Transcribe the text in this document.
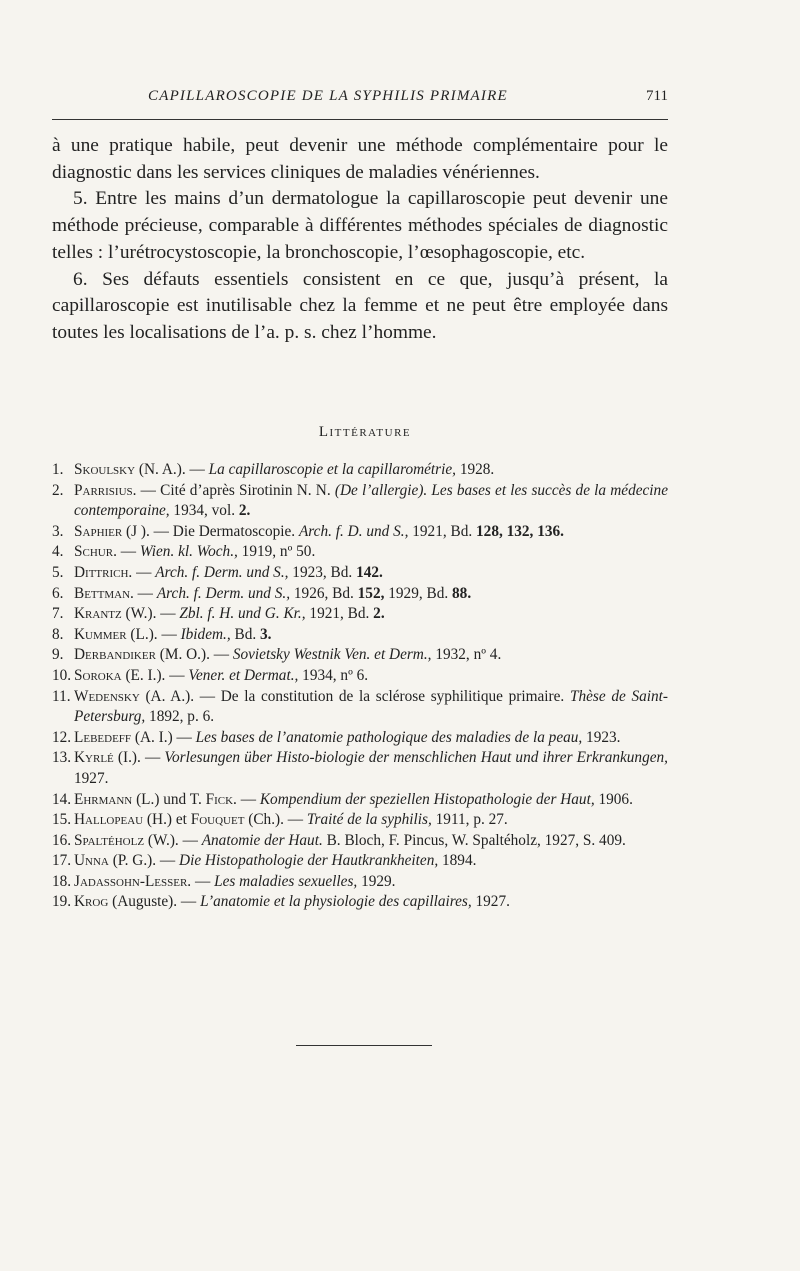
CAPILLAROSCOPIE DE LA SYPHILIS PRIMAIRE	711

à une pratique habile, peut devenir une méthode complémentaire pour le diagnostic dans les services cliniques de maladies vénériennes.

5. Entre les mains d’un dermatologue la capillaroscopie peut devenir une méthode précieuse, comparable à différentes méthodes spéciales de diagnostic telles : l’urétrocystoscopie, la bronchoscopie, l’œsophagoscopie, etc.

6. Ses défauts essentiels consistent en ce que, jusqu’à présent, la capillaroscopie est inutilisable chez la femme et ne peut être employée dans toutes les localisations de l’a. p. s. chez l’homme.

Littérature
1. Skoulsky (N. A.). — La capillaroscopie et la capillarométrie, 1928.
2. Parrisius. — Cité d’après Sirotinin N. N. (De l’allergie). Les bases et les succès de la médecine contemporaine, 1934, vol. 2.
3. Saphier (J ). — Die Dermatoscopie. Arch. f. D. und S., 1921, Bd. 128, 132, 136.
4. Schur. — Wien. kl. Woch., 1919, nº 50.
5. Dittrich. — Arch. f. Derm. und S., 1923, Bd. 142.
6. Bettman. — Arch. f. Derm. und S., 1926, Bd. 152, 1929, Bd. 88.
7. Krantz (W.). — Zbl. f. H. und G. Kr., 1921, Bd. 2.
8. Kummer (L.). — Ibidem., Bd. 3.
9. Derbandiker (M. O.). — Sovietsky Westnik Ven. et Derm., 1932, nº 4.
10. Soroka (E. I.). — Vener. et Dermat., 1934, nº 6.
11. Wedensky (A. A.). — De la constitution de la sclérose syphilitique primaire. Thèse de Saint-Petersburg, 1892, p. 6.
12. Lebedeff (A. I.) — Les bases de l’anatomie pathologique des maladies de la peau, 1923.
13. Kyrlé (I.). — Vorlesungen über Histo-biologie der menschlichen Haut und ihrer Erkrankungen, 1927.
14. Ehrmann (L.) und T. Fick. — Kompendium der speziellen Histopathologie der Haut, 1906.
15. Hallopeau (H.) et Fouquet (Ch.). — Traité de la syphilis, 1911, p. 27.
16. Spaltéholz (W.). — Anatomie der Haut. B. Bloch, F. Pincus, W. Spaltéholz, 1927, S. 409.
17. Unna (P. G.). — Die Histopathologie der Hautkrankheiten, 1894.
18. Jadassohn-Lesser. — Les maladies sexuelles, 1929.
19. Krog (Auguste). — L’anatomie et la physiologie des capillaires, 1927.
